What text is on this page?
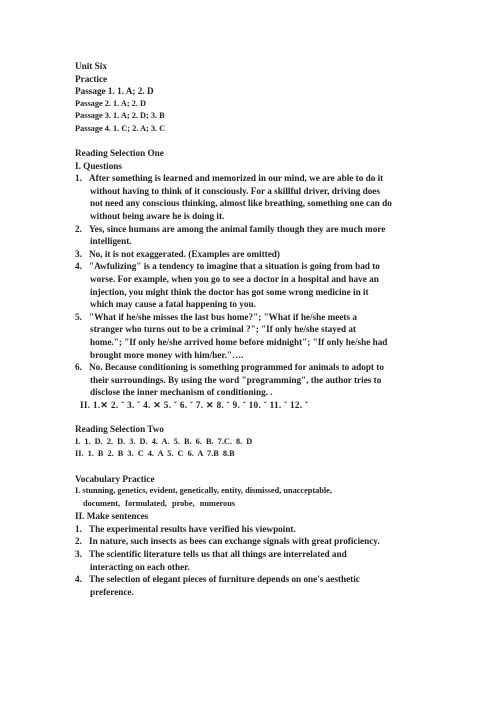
Unit Six
Practice
Passage 1. 1. A; 2. D
Passage 2. 1. A; 2. D
Passage 3. 1. A; 2. D; 3. B
Passage 4. 1. C; 2. A; 3. C
Reading Selection One
I. Questions
1. After something is learned and memorized in our mind, we are able to do it
without having to think of it consciously. For a skillful driver, driving does
not need any conscious thinking, almost like breathing, something one can do
without being aware he is doing it.
2. Yes, since humans are among the animal family though they are much more
intelligent.
3. No, it is not exaggerated. (Examples are omitted)
4. "Awfulizing" is a tendency to imagine that a situation is going from bad to
worse. For example, when you go to see a doctor in a hospital and have an
injection, you might think the doctor has got some wrong medicine in it
which may cause a fatal happening to you.
5. "What if he/she misses the last bus home?"; "What if he/she meets a
stranger who turns out to be a criminal ?"; "If only he/she stayed at
home."; "If only he/she arrived home before midnight"; "If only he/she had
brought more money with him/her."….
6. No. Because conditioning is something programmed for animals to adopt to
their surroundings. By using the word "programming", the author tries to
disclose the inner mechanism of conditioning. .
II. 1.✕ 2. ˇ 3. ˇ 4. ✕ 5. ˇ 6. ˇ 7. ✕ 8. ˇ 9. ˇ 10. ˇ 11. ˇ 12. ˇ
Reading Selection Two
I. 1. D. 2. D. 3. D. 4. A. 5. B. 6. B. 7.C. 8. D
II. 1. B 2. B 3. C 4. A 5. C 6. A 7.B 8.B
Vocabulary Practice
I. stunning, genetics, evident, genetically, entity, dismissed, unacceptable,
document, formulated, probe, numerous
II. Make sentences
1. The experimental results have verified his viewpoint.
2. In nature, such insects as bees can exchange signals with great proficiency.
3. The scientific literature tells us that all things are interrelated and
interacting on each other.
4. The selection of elegant pieces of furniture depends on one's aesthetic
preference.
